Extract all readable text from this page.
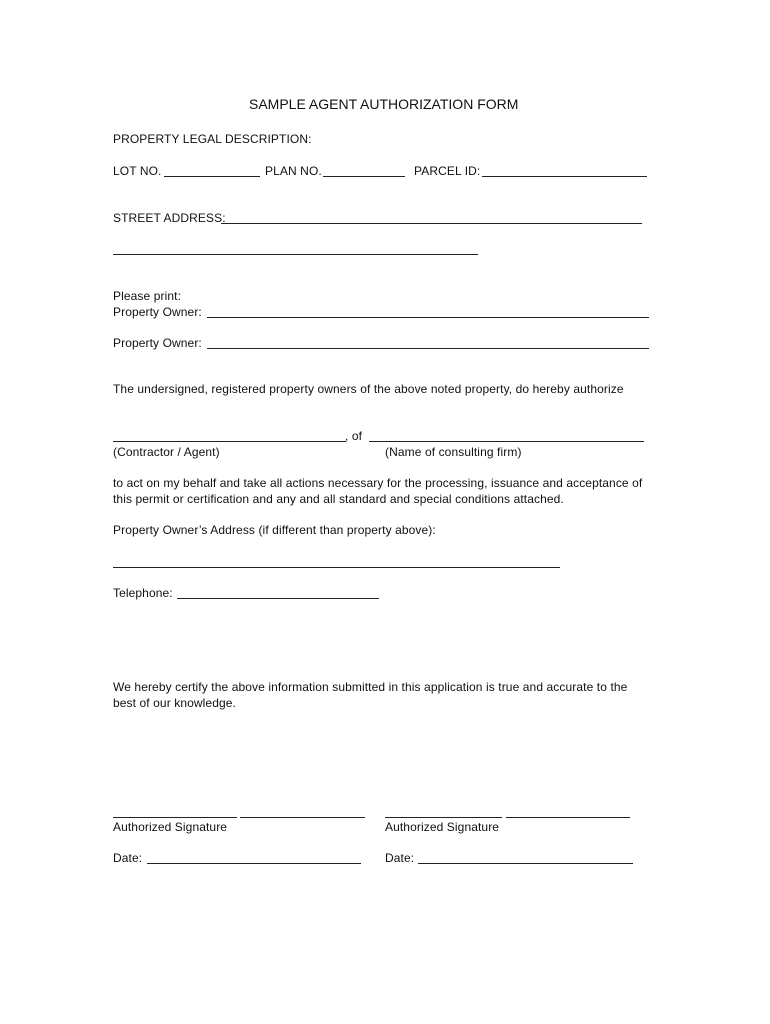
SAMPLE AGENT AUTHORIZATION FORM
PROPERTY LEGAL DESCRIPTION:
LOT NO.	PLAN NO.	PARCEL ID:
STREET ADDRESS:
Please print:
Property Owner:
Property Owner:
The undersigned, registered property owners of the above noted property, do hereby authorize
, of
(Contractor / Agent)	(Name of consulting firm)
to act on my behalf and take all actions necessary for the processing, issuance and acceptance of
this permit or certification and any and all standard and special conditions attached.
Property Owner’s Address (if different than property above):
Telephone:
We hereby certify the above information submitted in this application is true and accurate to the
best of our knowledge.
Authorized Signature	Authorized Signature
Date:	Date:
